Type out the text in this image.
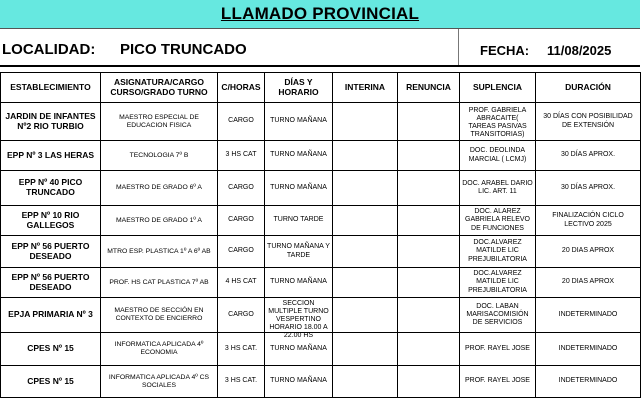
LLAMADO PROVINCIAL
LOCALIDAD: PICO TRUNCADO	FECHA: 11/08/2025
ESTABLECIMIENTO	ASIGNATURA/CARGO CURSO/GRADO TURNO	C/HORAS	DÍAS Y HORARIO	INTERINA	RENUNCIA	SUPLENCIA	DURACIÓN

JARDIN DE INFANTES Nº2 RIO TURBIO	MAESTRO ESPECIAL DE EDUCACION FISICA	CARGO	TURNO MAÑANA			PROF. GABRIELA ABRACAITE( TAREAS PASIVAS TRANSITORIAS)	30 DÍAS CON POSIBILIDAD DE EXTENSIÓN

EPP Nº 3 LAS HERAS	TECNOLOGIA 7º B	3 HS CAT	TURNO MAÑANA			DOC. DEOLINDA MARCIAL ( LCMJ)	30 DÍAS APROX.

EPP Nº 40 PICO TRUNCADO	MAESTRO DE GRADO 6º A	CARGO	TURNO MAÑANA			DOC. ARABEL DARIO LIC. ART. 11	30 DÍAS APROX.

EPP Nº 10 RIO GALLEGOS	MAESTRO DE GRADO 1º A	CARGO	TURNO TARDE			DOC. ALAREZ GABRIELA RELEVO DE FUNCIONES	FINALIZACIÓN CICLO LECTIVO 2025

EPP Nº 56 PUERTO DESEADO	MTRO ESP. PLASTICA 1º A 6º AB	CARGO	TURNO MAÑANA Y TARDE			DOC.ALVAREZ MATILDE LIC PREJUBILATORIA	20 DIAS APROX

EPP Nº 56 PUERTO DESEADO	PROF. HS CAT PLASTICA 7º AB	4 HS CAT	TURNO MAÑANA			DOC.ALVAREZ MATILDE LIC PREJUBILATORIA	20 DIAS APROX

EPJA PRIMARIA Nº 3	MAESTRO DE SECCIÓN EN CONTEXTO DE ENCIERRO	CARGO	SECCION MULTIPLE TURNO VESPERTINO HORARIO 18.00 A 22.00 HS			DOC. LABAN MARISACOMISIÓN DE SERVICIOS	INDETERMINADO

CPES Nº 15	INFORMATICA APLICADA 4º ECONOMIA	3 HS CAT.	TURNO MAÑANA			PROF. RAYEL JOSE	INDETERMINADO

CPES Nº 15	INFORMATICA APLICADA 4º CS SOCIALES	3 HS CAT.	TURNO MAÑANA			PROF. RAYEL JOSE	INDETERMINADO
